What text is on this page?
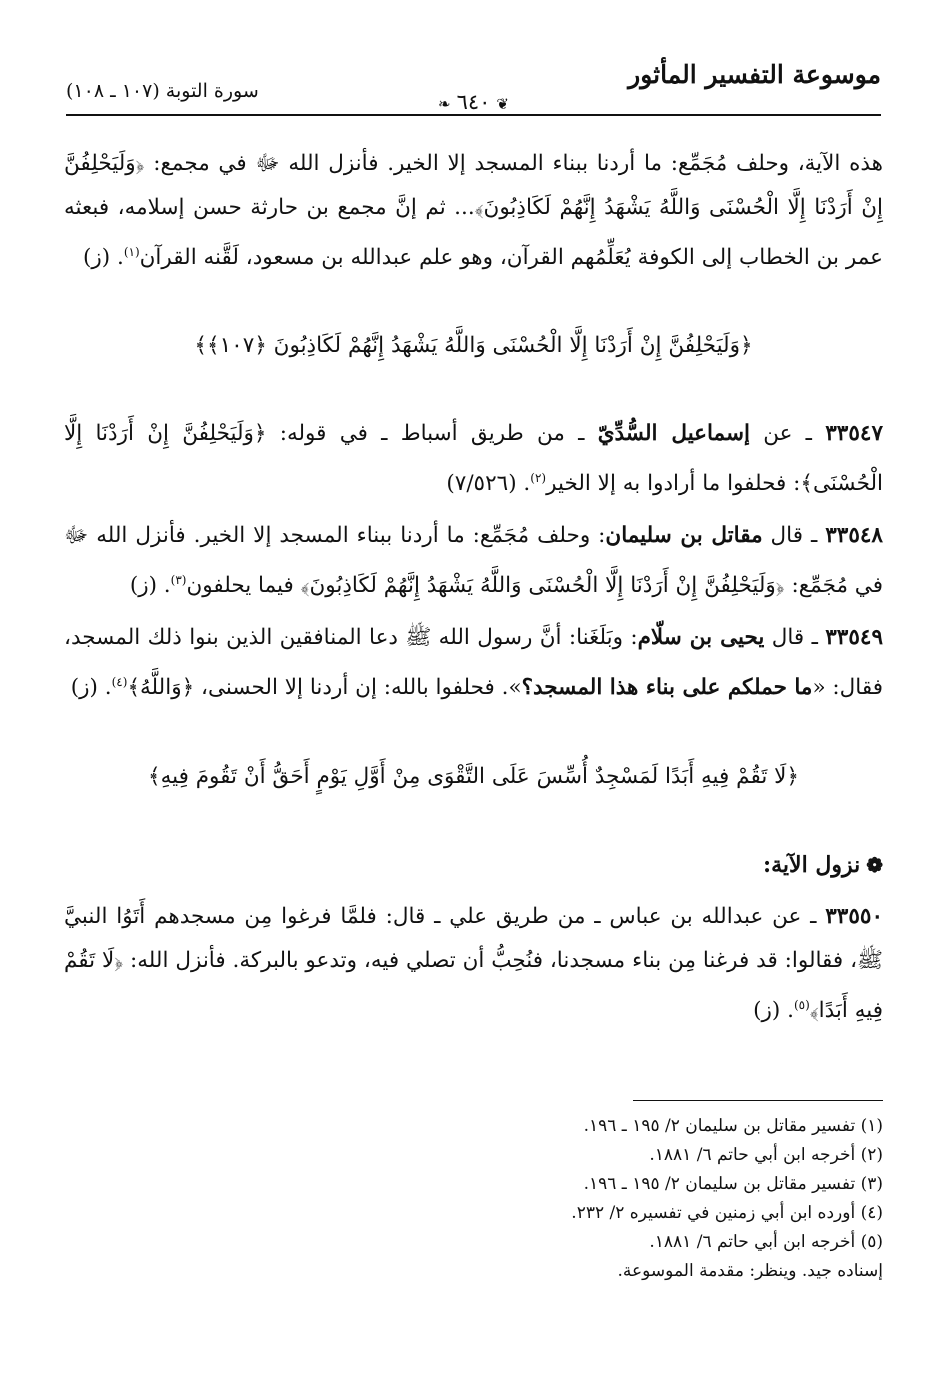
موسوعة التفسير المأثور
❦٦٤٠❧
سورة التوبة (١٠٧ ـ ١٠٨)

هذه الآية، وحلف مُجَمِّع: ما أردنا ببناء المسجد إلا الخير. فأنزل الله ﷻ في مجمع: ﴿وَلَيَحْلِفُنَّ إِنْ أَرَدْنَا إِلَّا الْحُسْنَى وَاللَّهُ يَشْهَدُ إِنَّهُمْ لَكَاذِبُونَ﴾... ثم إنَّ مجمع بن حارثة حسن إسلامه، فبعثه عمر بن الخطاب إلى الكوفة يُعَلِّمُهم القرآن، وهو علم عبدالله بن مسعود، لَقَّنه القرآن$^{(١)}$. (ز)

﴿وَلَيَحْلِفُنَّ إِنْ أَرَدْنَا إِلَّا الْحُسْنَى وَاللَّهُ يَشْهَدُ إِنَّهُمْ لَكَاذِبُونَ ﴿١٠٧﴾﴾

٣٣٥٤٧ ـ عن إسماعيل السُّدِّيّ ـ من طريق أسباط ـ في قوله: ﴿وَلَيَحْلِفُنَّ إِنْ أَرَدْنَا إِلَّا الْحُسْنَى﴾: فحلفوا ما أرادوا به إلا الخير$^{(٢)}$. (٧/٥٢٦)

٣٣٥٤٨ ـ قال مقاتل بن سليمان: وحلف مُجَمِّع: ما أردنا ببناء المسجد إلا الخير. فأنزل الله ﷻ في مُجَمِّع: ﴿وَلَيَحْلِفُنَّ إِنْ أَرَدْنَا إِلَّا الْحُسْنَى وَاللَّهُ يَشْهَدُ إِنَّهُمْ لَكَاذِبُونَ﴾ فيما يحلفون$^{(٣)}$. (ز)

٣٣٥٤٩ ـ قال يحيى بن سلّام: وبَلَغَنا: أنَّ رسول الله ﷺ دعا المنافقين الذين بنوا ذلك المسجد، فقال: «ما حملكم على بناء هذا المسجد؟». فحلفوا بالله: إن أردنا إلا الحسنى، ﴿وَاللَّهُ﴾$^{(٤)}$. (ز)

﴿لَا تَقُمْ فِيهِ أَبَدًا لَمَسْجِدٌ أُسِّسَ عَلَى التَّقْوَى مِنْ أَوَّلِ يَوْمٍ أَحَقُّ أَنْ تَقُومَ فِيهِ﴾
❁نزول الآية:

٣٣٥٥٠ ـ عن عبدالله بن عباس ـ من طريق علي ـ قال: فلمَّا فرغوا مِن مسجدهم أَتَوُا النبيَّ ﷺ، فقالوا: قد فرغنا مِن بناء مسجدنا، فنُحِبُّ أن تصلي فيه، وتدعو بالبركة. فأنزل الله: ﴿لَا تَقُمْ فِيهِ أَبَدًا﴾$^{(٥)}$. (ز)

(١) تفسير مقاتل بن سليمان ٢/ ١٩٥ ـ ١٩٦.

(٢) أخرجه ابن أبي حاتم ٦/ ١٨٨١.

(٣) تفسير مقاتل بن سليمان ٢/ ١٩٥ ـ ١٩٦.

(٤) أورده ابن أبي زمنين في تفسيره ٢/ ٢٣٢.

(٥) أخرجه ابن أبي حاتم ٦/ ١٨٨١.

إسناده جيد. وينظر: مقدمة الموسوعة.
